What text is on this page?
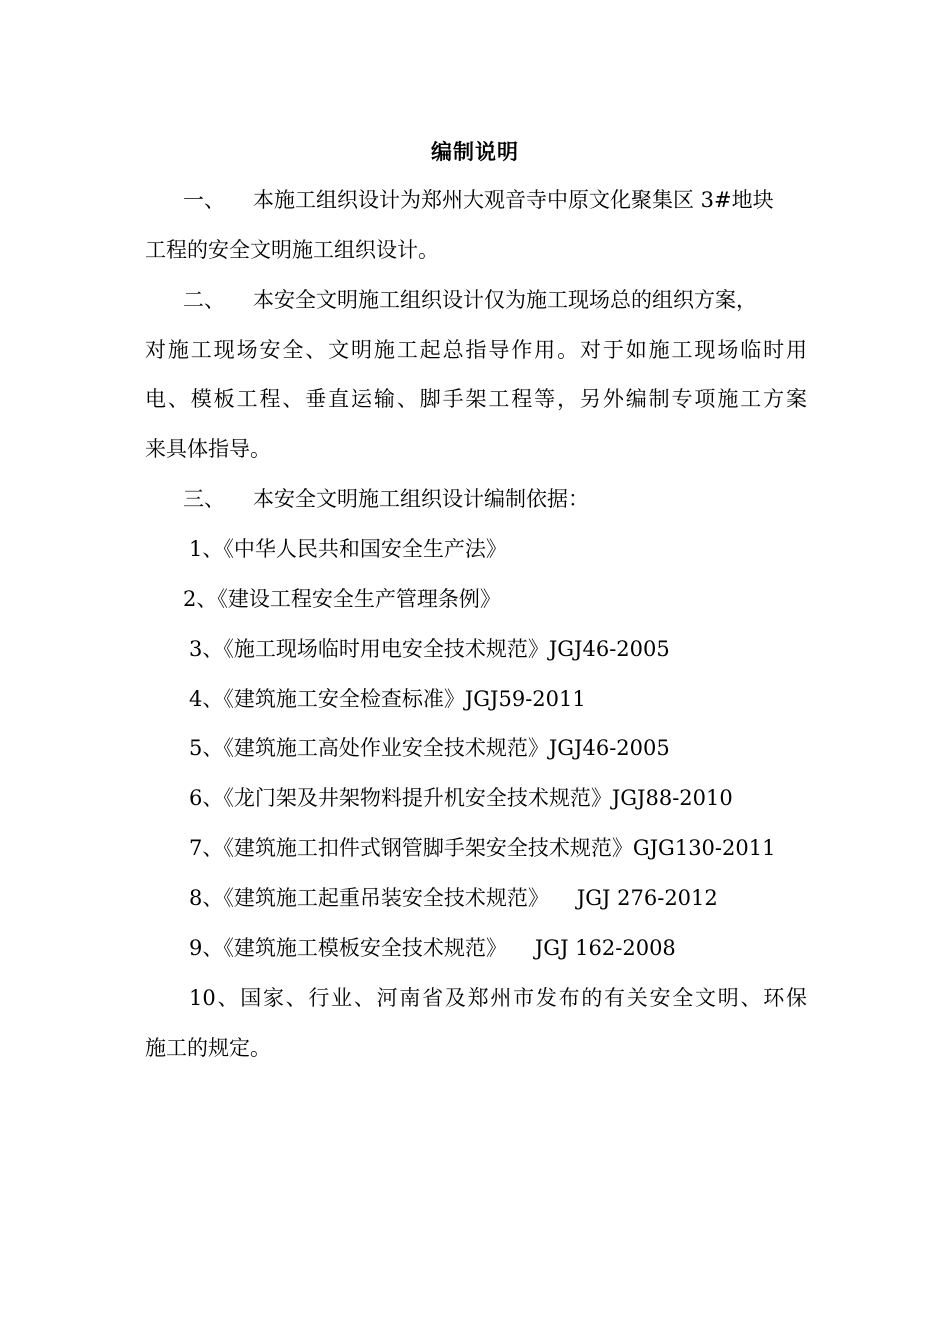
编制说明
一、 本施工组织设计为郑州大观音寺中原文化聚集区 3#地块
工程的安全文明施工组织设计。
二、 本安全文明施工组织设计仅为施工现场总的组织方案，
对施工现场安全、文明施工起总指导作用。对于如施工现场临时用
电、模板工程、垂直运输、脚手架工程等，另外编制专项施工方案
来具体指导。
三、 本安全文明施工组织设计编制依据：
1、《中华人民共和国安全生产法》
2、《建设工程安全生产管理条例》
3、《施工现场临时用电安全技术规范》JGJ46-2005
4、《建筑施工安全检查标准》JGJ59-2011
5、《建筑施工高处作业安全技术规范》JGJ46-2005
6、《龙门架及井架物料提升机安全技术规范》JGJ88-2010
7、《建筑施工扣件式钢管脚手架安全技术规范》GJG130-2011
8、《建筑施工起重吊装安全技术规范》 JGJ 276-2012
9、《建筑施工模板安全技术规范》 JGJ 162-2008
10、国家、行业、河南省及郑州市发布的有关安全文明、环保
施工的规定。
